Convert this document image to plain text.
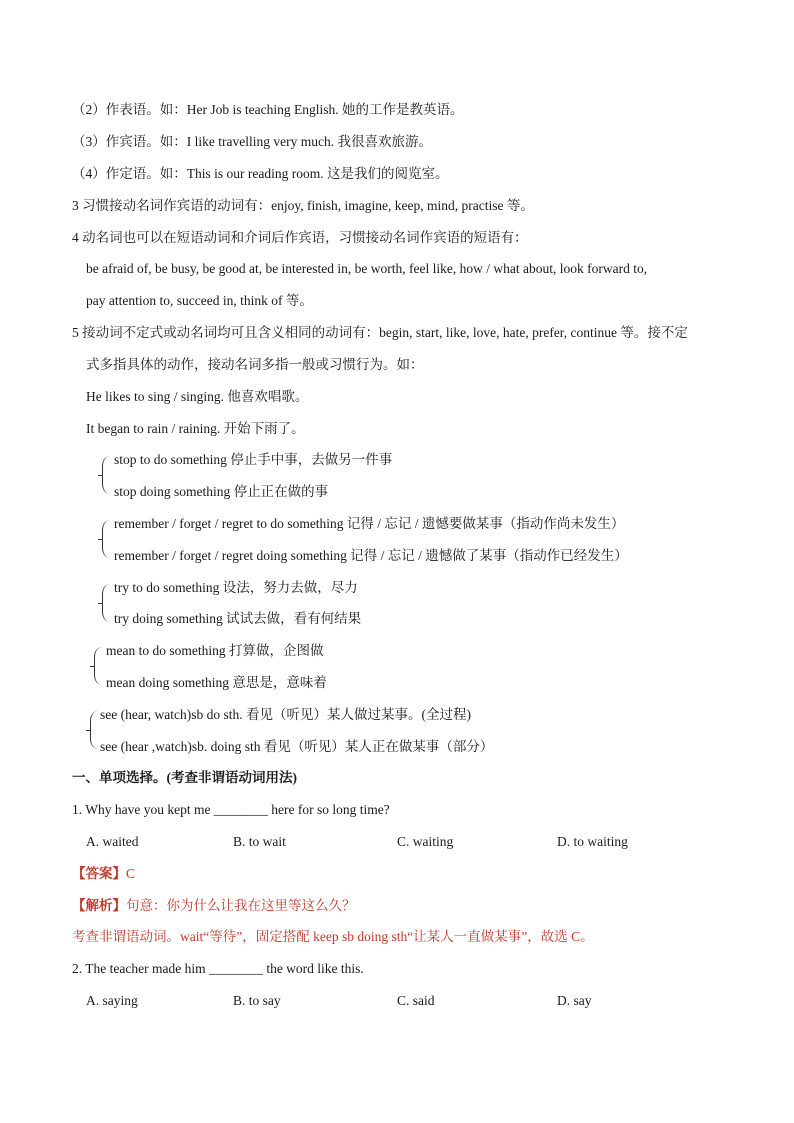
（2）作表语。如：Her Job is teaching English. 她的工作是教英语。
（3）作宾语。如：I like travelling very much. 我很喜欢旅游。
（4）作定语。如：This is our reading room. 这是我们的阅览室。
3 习惯接动名词作宾语的动词有：enjoy, finish, imagine, keep, mind, practise 等。
4 动名词也可以在短语动词和介词后作宾语，习惯接动名词作宾语的短语有：
be afraid of, be busy, be good at, be interested in, be worth, feel like, how / what about, look forward to,
pay attention to, succeed in, think of 等。
5 接动词不定式或动名词均可且含义相同的动词有：begin, start, like, love, hate, prefer, continue 等。接不定
式多指具体的动作，接动名词多指一般或习惯行为。如：
He likes to sing / singing. 他喜欢唱歌。
It began to rain / raining. 开始下雨了。
stop to do something 停止手中事，去做另一件事
stop doing something 停止正在做的事
remember / forget / regret to do something 记得 / 忘记 / 遗憾要做某事（指动作尚未发生）
remember / forget / regret doing something 记得 / 忘记 / 遗憾做了某事（指动作已经发生）
try to do something 设法，努力去做，尽力
try doing something 试试去做，看有何结果
mean to do something 打算做，企图做
mean doing something 意思是，意味着
see (hear, watch)sb do sth. 看见（听见）某人做过某事。(全过程)
see (hear ,watch)sb. doing sth 看见（听见）某人正在做某事（部分）
一、单项选择。(考查非谓语动词用法)
1. Why have you kept me ________ here for so long time?
A. waited	B. to wait	C. waiting	D. to waiting
【答案】C
【解析】句意：你为什么让我在这里等这么久？
考查非谓语动词。wait“等待”，固定搭配 keep sb doing sth“让某人一直做某事”，故选 C。
2. The teacher made him ________ the word like this.
A. saying	B. to say	C. said	D. say
